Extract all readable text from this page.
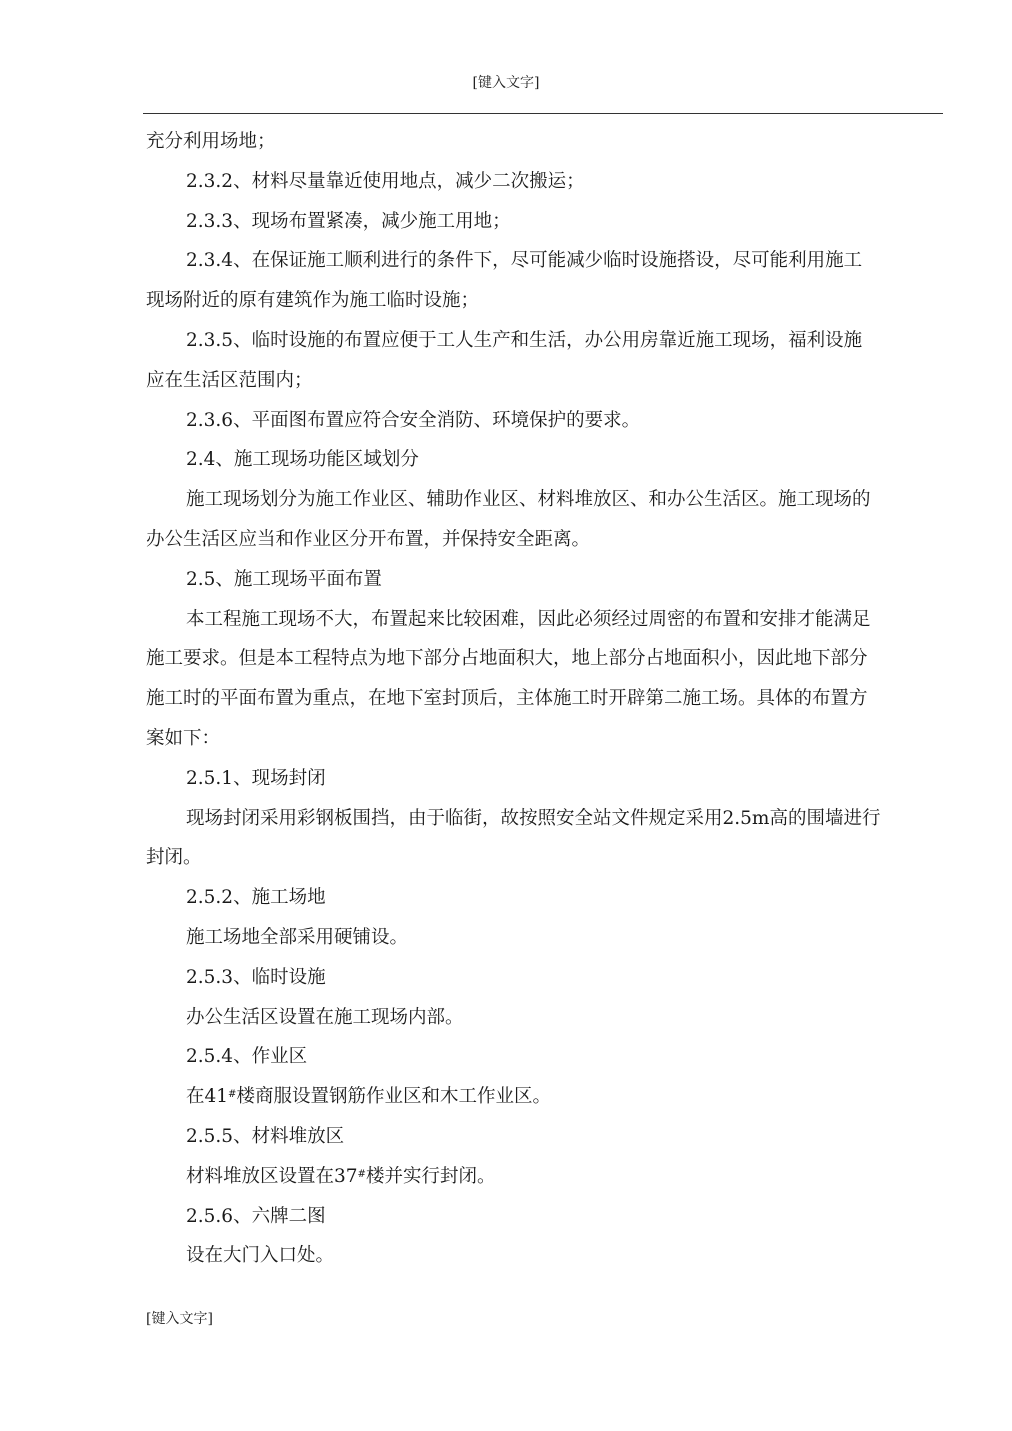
[键入文字]

充分利用场地；

2.3.2、材料尽量靠近使用地点，减少二次搬运；

2.3.3、现场布置紧凑，减少施工用地；

2.3.4、在保证施工顺利进行的条件下，尽可能减少临时设施搭设，尽可能利用施工

现场附近的原有建筑作为施工临时设施；

2.3.5、临时设施的布置应便于工人生产和生活，办公用房靠近施工现场，福利设施

应在生活区范围内；

2.3.6、平面图布置应符合安全消防、环境保护的要求。

2.4、施工现场功能区域划分

施工现场划分为施工作业区、辅助作业区、材料堆放区、和办公生活区。施工现场的

办公生活区应当和作业区分开布置，并保持安全距离。

2.5、施工现场平面布置

本工程施工现场不大，布置起来比较困难，因此必须经过周密的布置和安排才能满足

施工要求。但是本工程特点为地下部分占地面积大，地上部分占地面积小，因此地下部分

施工时的平面布置为重点，在地下室封顶后，主体施工时开辟第二施工场。具体的布置方

案如下：

2.5.1、现场封闭

现场封闭采用彩钢板围挡，由于临街，故按照安全站文件规定采用2.5m高的围墙进行

封闭。

2.5.2、施工场地

施工场地全部采用硬铺设。

2.5.3、临时设施

办公生活区设置在施工现场内部。

2.5.4、作业区

在41#楼商服设置钢筋作业区和木工作业区。

2.5.5、材料堆放区

材料堆放区设置在37#楼并实行封闭。

2.5.6、六牌二图

设在大门入口处。

[键入文字]
